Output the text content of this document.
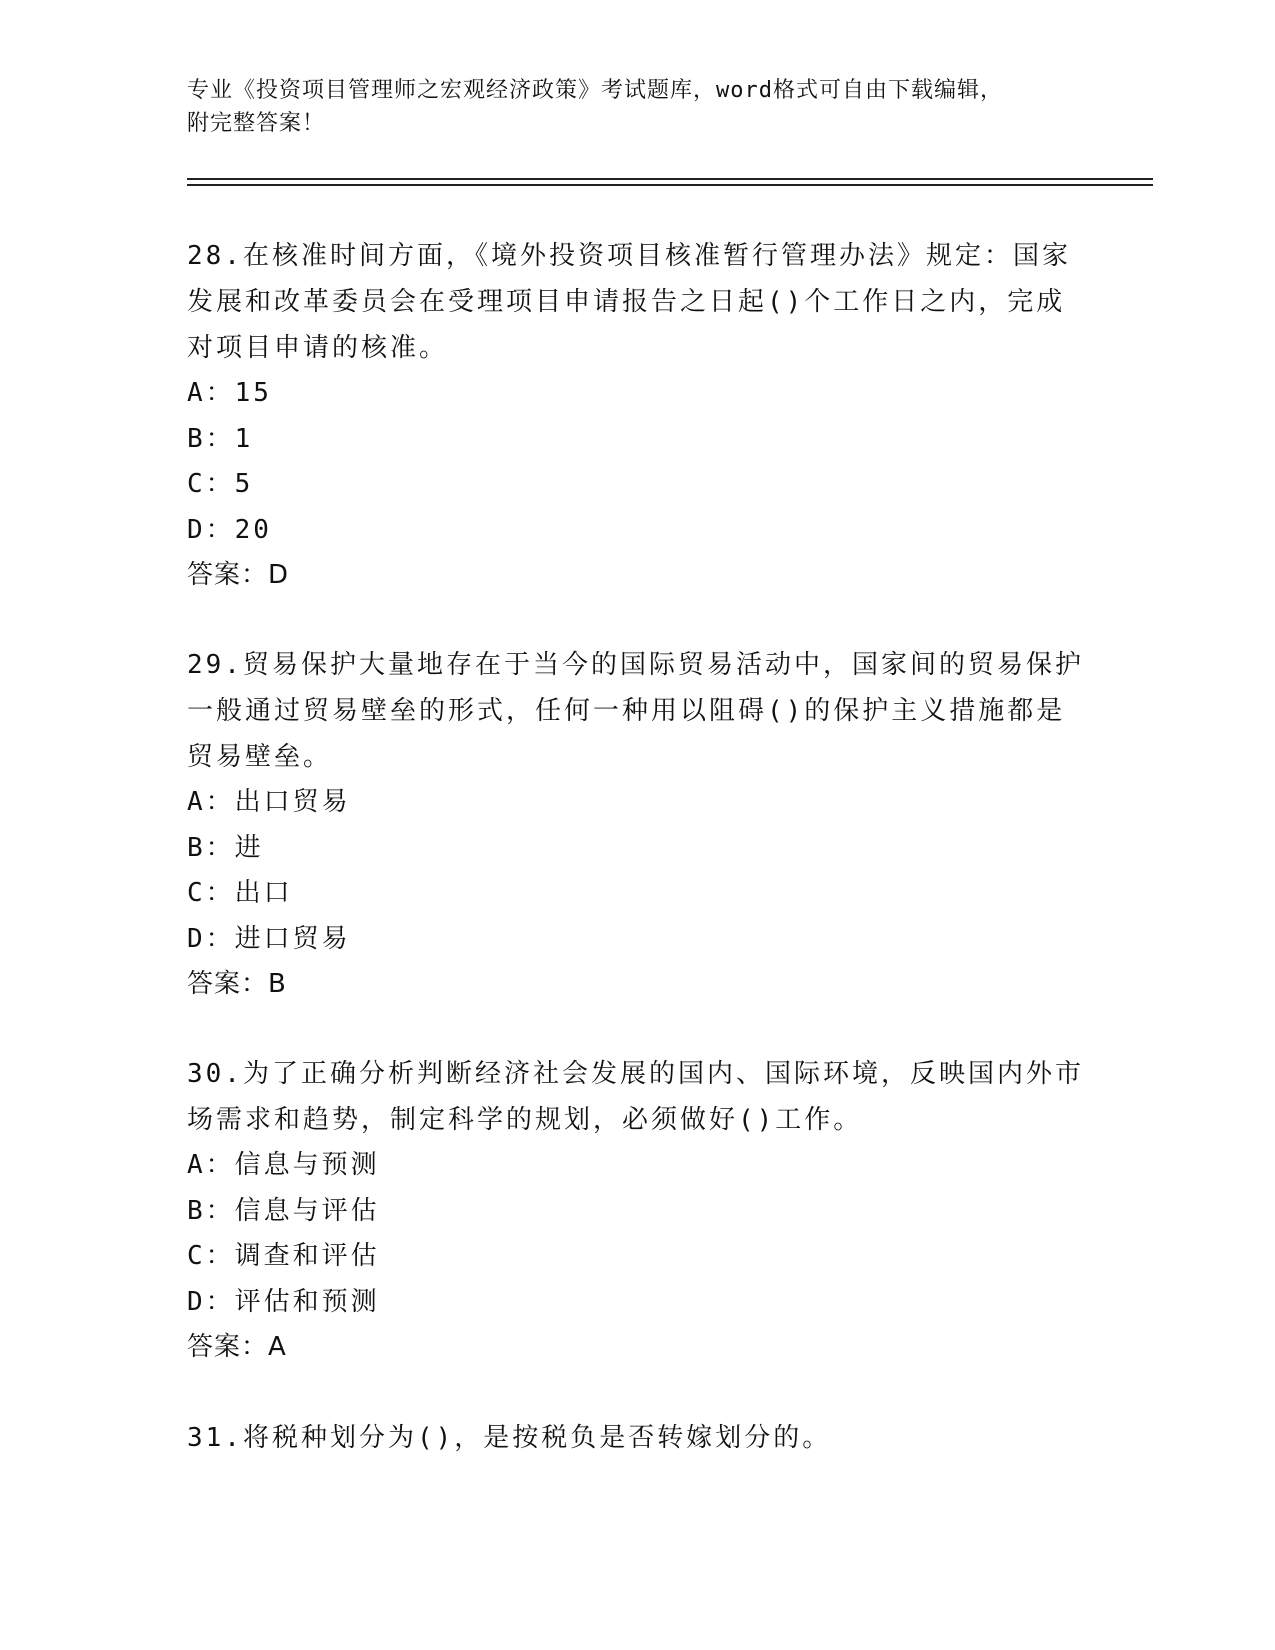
专业《投资项目管理师之宏观经济政策》考试题库，word格式可自由下载编辑，
附完整答案！

28.在核准时间方面，《境外投资项目核准暂行管理办法》规定：国家

发展和改革委员会在受理项目申请报告之日起()个工作日之内，完成

对项目申请的核准。

A：15

B：1

C：5

D：20

答案：D

29.贸易保护大量地存在于当今的国际贸易活动中，国家间的贸易保护

一般通过贸易壁垒的形式，任何一种用以阻碍()的保护主义措施都是

贸易壁垒。

A：出口贸易

B：进

C：出口

D：进口贸易

答案：B

30.为了正确分析判断经济社会发展的国内、国际环境，反映国内外市

场需求和趋势，制定科学的规划，必须做好()工作。

A：信息与预测

B：信息与评估

C：调查和评估

D：评估和预测

答案：A

31.将税种划分为()，是按税负是否转嫁划分的。
